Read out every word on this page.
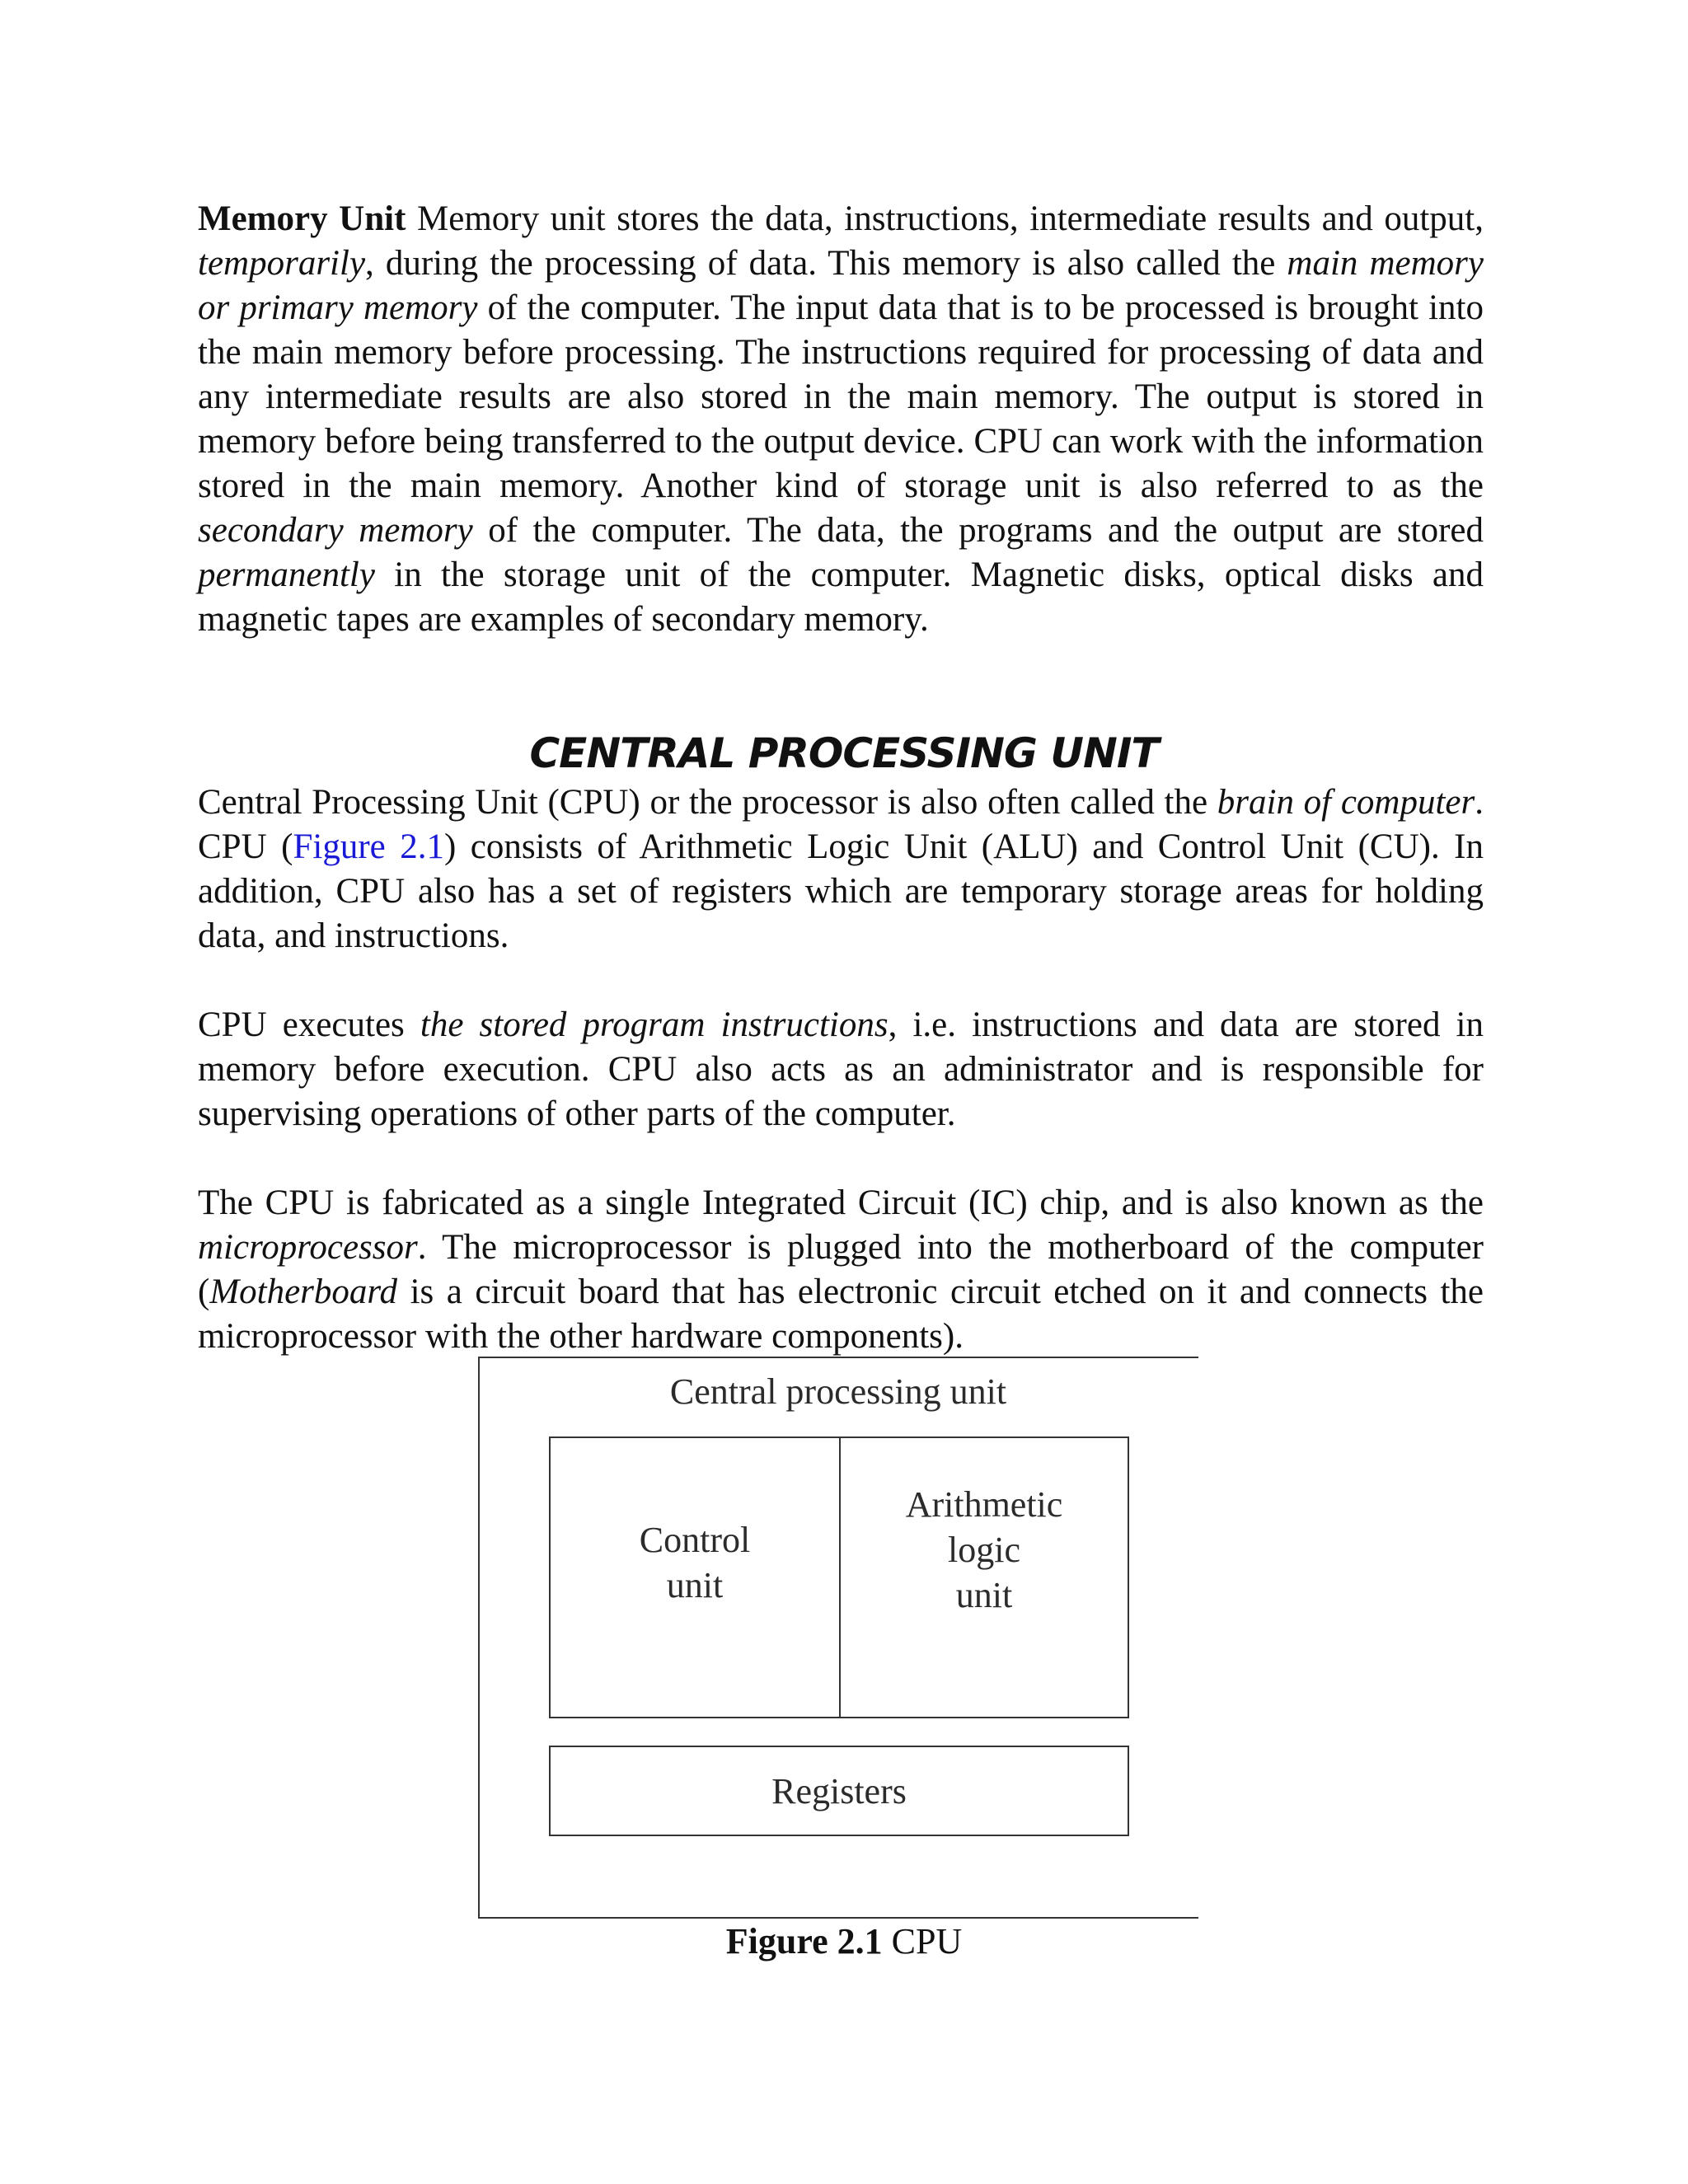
Memory Unit Memory unit stores the data, instructions, intermediate results and output, temporarily, during the processing of data. This memory is also called the main memory or primary memory of the computer. The input data that is to be processed is brought into the main memory before processing. The instructions required for processing of data and any intermediate results are also stored in the main memory. The output is stored in memory before being transferred to the output device. CPU can work with the information stored in the main memory. Another kind of storage unit is also referred to as the secondary memory of the computer. The data, the programs and the output are stored permanently in the storage unit of the computer. Magnetic disks, optical disks and magnetic tapes are examples of secondary memory.

CENTRAL PROCESSING UNIT

Central Processing Unit (CPU) or the processor is also often called the brain of computer. CPU (Figure 2.1) consists of Arithmetic Logic Unit (ALU) and Control Unit (CU). In addition, CPU also has a set of registers which are temporary storage areas for holding data, and instructions.

CPU executes the stored program instructions, i.e. instructions and data are stored in memory before execution. CPU also acts as an administrator and is responsible for supervising operations of other parts of the computer.

The CPU is fabricated as a single Integrated Circuit (IC) chip, and is also known as the microprocessor. The microprocessor is plugged into the motherboard of the computer (Motherboard is a circuit board that has electronic circuit etched on it and connects the microprocessor with the other hardware components).

Central processing unit
Control
unit
Arithmetic
logic
unit
Registers
Figure 2.1 CPU
